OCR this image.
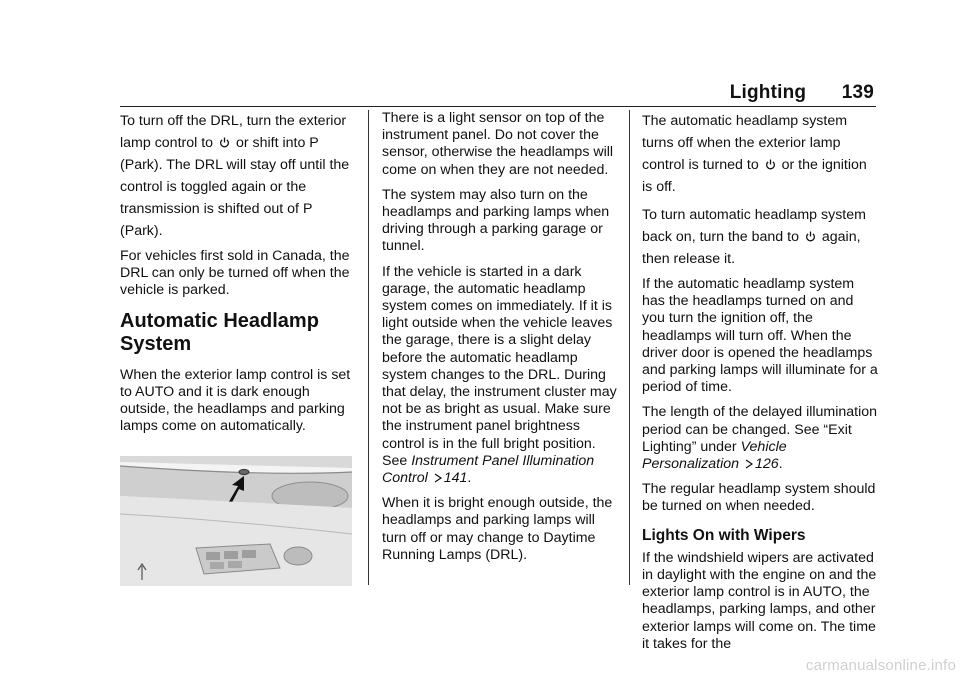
Lighting 139

To turn off the DRL, turn the exterior lamp control to or shift into P (Park). The DRL will stay off until the control is toggled again or the transmission is shifted out of P (Park).

For vehicles first sold in Canada, the DRL can only be turned off when the vehicle is parked.

Automatic Headlamp System

When the exterior lamp control is set to AUTO and it is dark enough outside, the headlamps and parking lamps come on automatically.

There is a light sensor on top of the instrument panel. Do not cover the sensor, otherwise the headlamps will come on when they are not needed.

The system may also turn on the headlamps and parking lamps when driving through a parking garage or tunnel.

If the vehicle is started in a dark garage, the automatic headlamp system comes on immediately. If it is light outside when the vehicle leaves the garage, there is a slight delay before the automatic headlamp system changes to the DRL. During that delay, the instrument cluster may not be as bright as usual. Make sure the instrument panel brightness control is in the full bright position. See Instrument Panel Illumination Control 141.

When it is bright enough outside, the headlamps and parking lamps will turn off or may change to Daytime Running Lamps (DRL).

The automatic headlamp system turns off when the exterior lamp control is turned to or the ignition is off.

To turn automatic headlamp system back on, turn the band to again, then release it.

If the automatic headlamp system has the headlamps turned on and you turn the ignition off, the headlamps will turn off. When the driver door is opened the headlamps and parking lamps will illuminate for a period of time.

The length of the delayed illumination period can be changed. See “Exit Lighting” under Vehicle Personalization 126.

The regular headlamp system should be turned on when needed.

Lights On with Wipers

If the windshield wipers are activated in daylight with the engine on and the exterior lamp control is in AUTO, the headlamps, parking lamps, and other exterior lamps will come on. The time it takes for the

carmanualsonline.info
